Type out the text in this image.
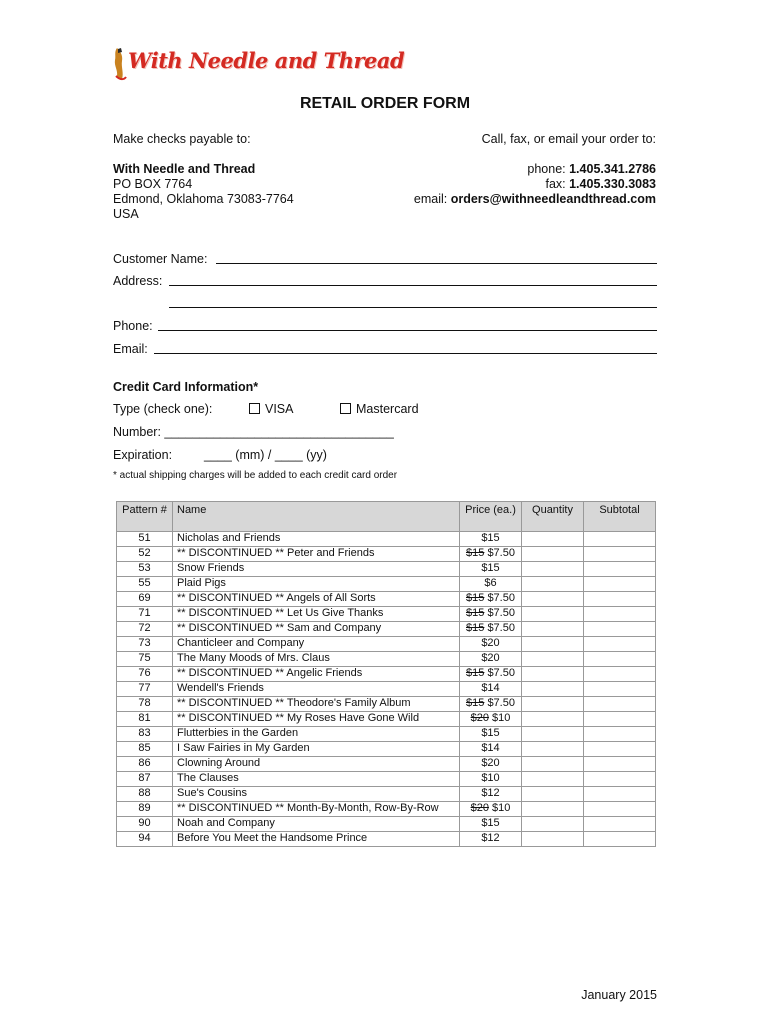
With Needle and Thread
RETAIL ORDER FORM
Make checks payable to:	Call, fax, or email your order to:
With Needle and Thread
PO BOX 7764
Edmond, Oklahoma 73083-7764
USA
phone: 1.405.341.2786
fax: 1.405.330.3083
email: orders@withneedleandthread.com
Customer Name:
Address:
Phone:
Email:
Credit Card Information*
Type (check one):	VISA	Mastercard
Number: _________________________________
Expiration:	____ (mm) / ____ (yy)
* actual shipping charges will be added to each credit card order
Pattern #	Name	Price (ea.)	Quantity	Subtotal
51	Nicholas and Friends	$15		
52	** DISCONTINUED ** Peter and Friends	$15 $7.50		
53	Snow Friends	$15		
55	Plaid Pigs	$6		
69	** DISCONTINUED ** Angels of All Sorts	$15 $7.50		
71	** DISCONTINUED ** Let Us Give Thanks	$15 $7.50		
72	** DISCONTINUED ** Sam and Company	$15 $7.50		
73	Chanticleer and Company	$20		
75	The Many Moods of Mrs. Claus	$20		
76	** DISCONTINUED ** Angelic Friends	$15 $7.50		
77	Wendell's Friends	$14		
78	** DISCONTINUED ** Theodore's Family Album	$15 $7.50		
81	** DISCONTINUED ** My Roses Have Gone Wild	$20 $10		
83	Flutterbies in the Garden	$15		
85	I Saw Fairies in My Garden	$14		
86	Clowning Around	$20		
87	The Clauses	$10		
88	Sue's Cousins	$12		
89	** DISCONTINUED ** Month-By-Month, Row-By-Row	$20 $10		
90	Noah and Company	$15		
94	Before You Meet the Handsome Prince	$12		
January 2015
